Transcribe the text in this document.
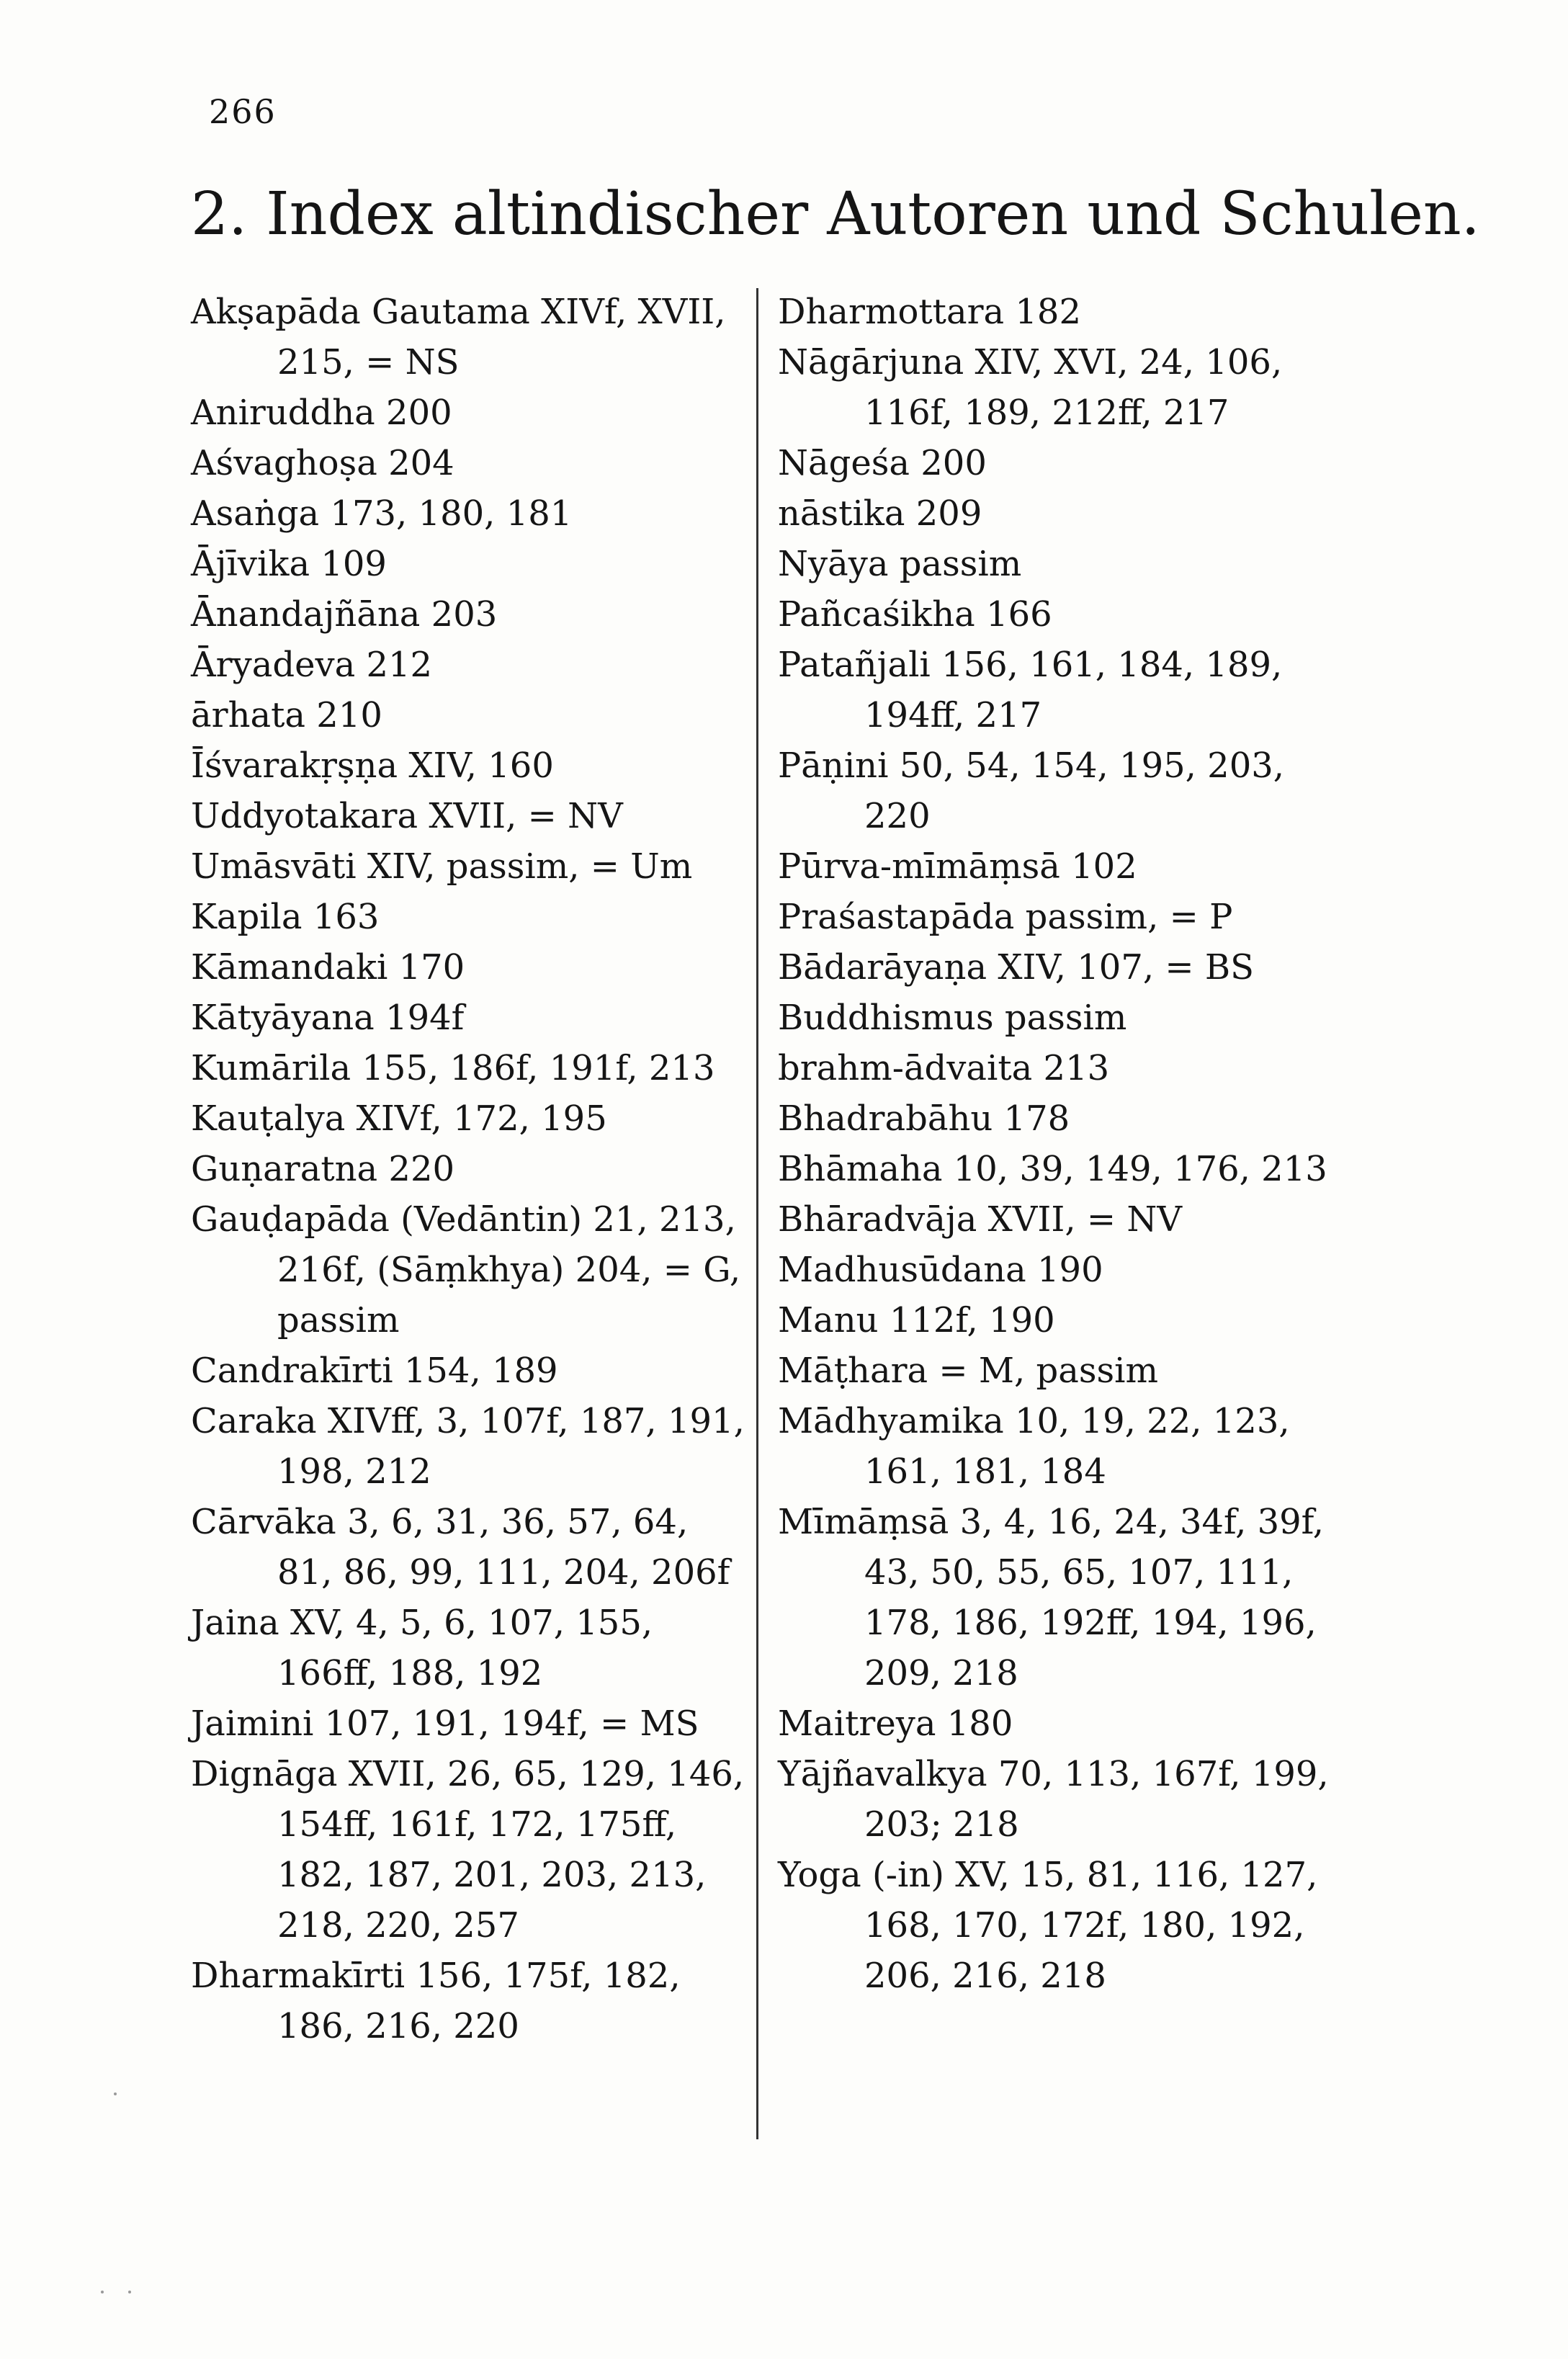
266
2. Index altindischer Autoren und Schulen.

Akṣapāda Gautama XIVf, XVII, 215, = NS

Aniruddha 200

Aśvaghoṣa 204

Asaṅga 173, 180, 181

Ājīvika 109

Ānandajñāna 203

Āryadeva 212

ārhata 210

Īśvarakṛṣṇa XIV, 160

Uddyotakara XVII, = NV

Umāsvāti XIV, passim, = Um

Kapila 163

Kāmandaki 170

Kātyāyana 194f

Kumārila 155, 186f, 191f, 213

Kauṭalya XIVf, 172, 195

Guṇaratna 220

Gauḍapāda (Vedāntin) 21, 213, 216f, (Sāṃkhya) 204, = G, passim

Candrakīrti 154, 189

Caraka XIVff, 3, 107f, 187, 191, 198, 212

Cārvāka 3, 6, 31, 36, 57, 64, 81, 86, 99, 111, 204, 206f

Jaina XV, 4, 5, 6, 107, 155, 166ff, 188, 192

Jaimini 107, 191, 194f, = MS

Dignāga XVII, 26, 65, 129, 146, 154ff, 161f, 172, 175ff, 182, 187, 201, 203, 213, 218, 220, 257

Dharmakīrti 156, 175f, 182, 186, 216, 220

Dharmottara 182

Nāgārjuna XIV, XVI, 24, 106, 116f, 189, 212ff, 217

Nāgeśa 200

nāstika 209

Nyāya passim

Pañcaśikha 166

Patañjali 156, 161, 184, 189, 194ff, 217

Pāṇini 50, 54, 154, 195, 203, 220

Pūrva-mīmāṃsā 102

Praśastapāda passim, = P

Bādarāyaṇa XIV, 107, = BS

Buddhismus passim

brahm-ādvaita 213

Bhadrabāhu 178

Bhāmaha 10, 39, 149, 176, 213

Bhāradvāja XVII, = NV

Madhusūdana 190

Manu 112f, 190

Māṭhara = M, passim

Mādhyamika 10, 19, 22, 123, 161, 181, 184

Mīmāṃsā 3, 4, 16, 24, 34f, 39f, 43, 50, 55, 65, 107, 111, 178, 186, 192ff, 194, 196, 209, 218

Maitreya 180

Yājñavalkya 70, 113, 167f, 199, 203; 218

Yoga (-in) XV, 15, 81, 116, 127, 168, 170, 172f, 180, 192, 206, 216, 218
